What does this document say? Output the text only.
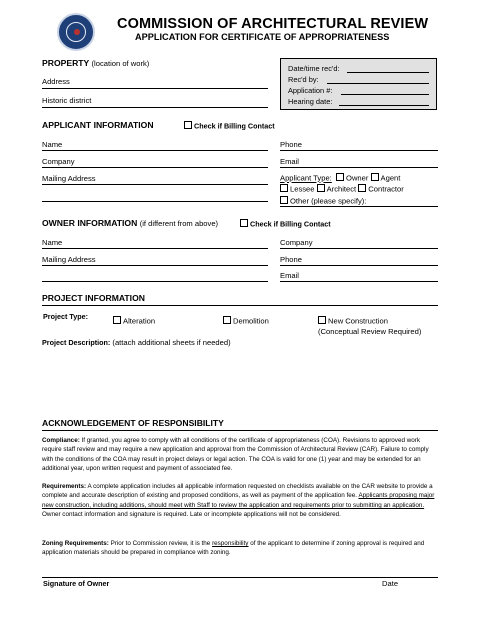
COMMISSION OF ARCHITECTURAL REVIEW
APPLICATION FOR CERTIFICATE OF APPROPRIATENESS
PROPERTY (location of work)
Address
Historic district
Date/time rec'd:
Rec'd by:
Application #:
Hearing date:
APPLICANT INFORMATION	Check if Billing Contact
Name	Phone
Company	Email
Mailing Address	Applicant Type: Owner Agent
Lessee Architect Contractor
Other (please specify):
OWNER INFORMATION (if different from above)	Check if Billing Contact
Name	Company
Mailing Address	Phone
Email
PROJECT INFORMATION
Project Type:	Alteration	Demolition	New Construction
(Conceptual Review Required)
Project Description: (attach additional sheets if needed)
ACKNOWLEDGEMENT OF RESPONSIBILITY
Compliance: If granted, you agree to comply with all conditions of the certificate of appropriateness (COA). Revisions to approved work require staff review and may require a new application and approval from the Commission of Architectural Review (CAR). Failure to comply with the conditions of the COA may result in project delays or legal action. The COA is valid for one (1) year and may be extended for an additional year, upon written request and payment of associated fee.
Requirements: A complete application includes all applicable information requested on checklists available on the CAR website to provide a complete and accurate description of existing and proposed conditions, as well as payment of the application fee. Applicants proposing major new construction, including additions, should meet with Staff to review the application and requirements prior to submitting an application. Owner contact information and signature is required. Late or incomplete applications will not be considered.
Zoning Requirements: Prior to Commission review, it is the responsibility of the applicant to determine if zoning approval is required and application materials should be prepared in compliance with zoning.
Signature of Owner	Date
